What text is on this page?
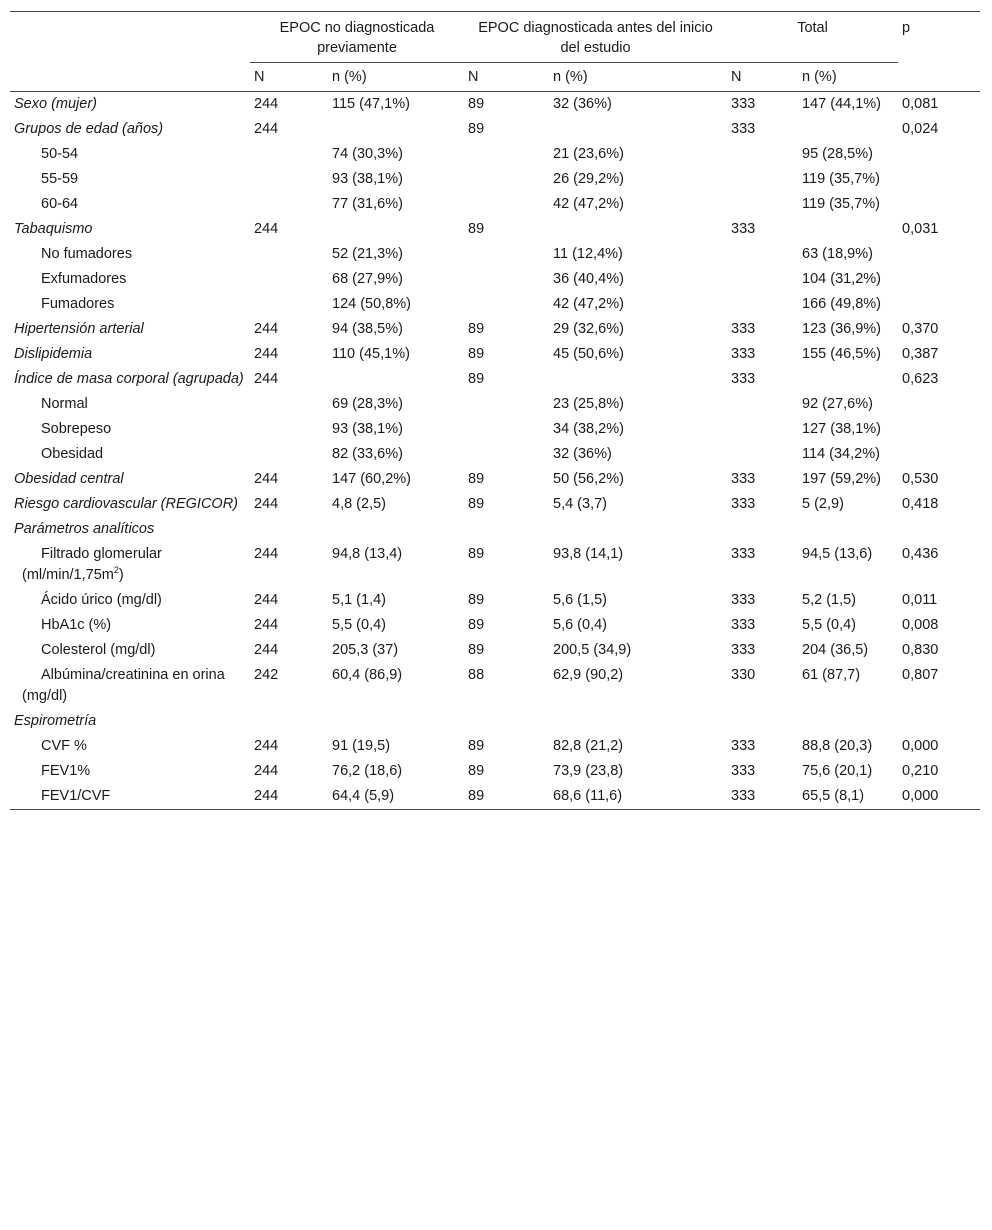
	EPOC no diagnosticada previamente		EPOC diagnosticada antes del inicio del estudio		Total		p
	N	n (%)	N	n (%)	N	n (%)	
Sexo (mujer)	244	115 (47,1%)	89	32 (36%)	333	147 (44,1%)	0,081
Grupos de edad (años)	244		89		333		0,024
50-54		74 (30,3%)		21 (23,6%)		95 (28,5%)	
55-59		93 (38,1%)		26 (29,2%)		119 (35,7%)	
60-64		77 (31,6%)		42 (47,2%)		119 (35,7%)	
Tabaquismo	244		89		333		0,031
No fumadores		52 (21,3%)		11 (12,4%)		63 (18,9%)	
Exfumadores		68 (27,9%)		36 (40,4%)		104 (31,2%)	
Fumadores		124 (50,8%)		42 (47,2%)		166 (49,8%)	
Hipertensión arterial	244	94 (38,5%)	89	29 (32,6%)	333	123 (36,9%)	0,370
Dislipidemia	244	110 (45,1%)	89	45 (50,6%)	333	155 (46,5%)	0,387
Índice de masa corporal (agrupada)	244		89		333		0,623
Normal		69 (28,3%)		23 (25,8%)		92 (27,6%)	
Sobrepeso		93 (38,1%)		34 (38,2%)		127 (38,1%)	
Obesidad		82 (33,6%)		32 (36%)		114 (34,2%)	
Obesidad central	244	147 (60,2%)	89	50 (56,2%)	333	197 (59,2%)	0,530
Riesgo cardiovascular (REGICOR)	244	4,8 (2,5)	89	5,4 (3,7)	333	5 (2,9)	0,418
Parámetros analíticos							
Filtrado glomerular $(ml/\min/1,75m^2)$	244	94,8 (13,4)	89	93,8 (14,1)	333	94,5 (13,6)	0,436
Ácido úrico (mg/dl)	244	5,1 (1,4)	89	5,6 (1,5)	333	5,2 (1,5)	0,011
HbA1c (%)	244	5,5 (0,4)	89	5,6 (0,4)	333	5,5 (0,4)	0,008
Colesterol (mg/dl)	244	205,3 (37)	89	200,5 (34,9)	333	204 (36,5)	0,830
Albúmina/creatinina en orina (mg/dl)	242	60,4 (86,9)	88	62,9 (90,2)	330	61 (87,7)	0,807
Espirometría							
CVF %	244	91 (19,5)	89	82,8 (21,2)	333	88,8 (20,3)	0,000
FEV1%	244	76,2 (18,6)	89	73,9 (23,8)	333	75,6 (20,1)	0,210
FEV1/CVF	244	64,4 (5,9)	89	68,6 (11,6)	333	65,5 (8,1)	0,000
